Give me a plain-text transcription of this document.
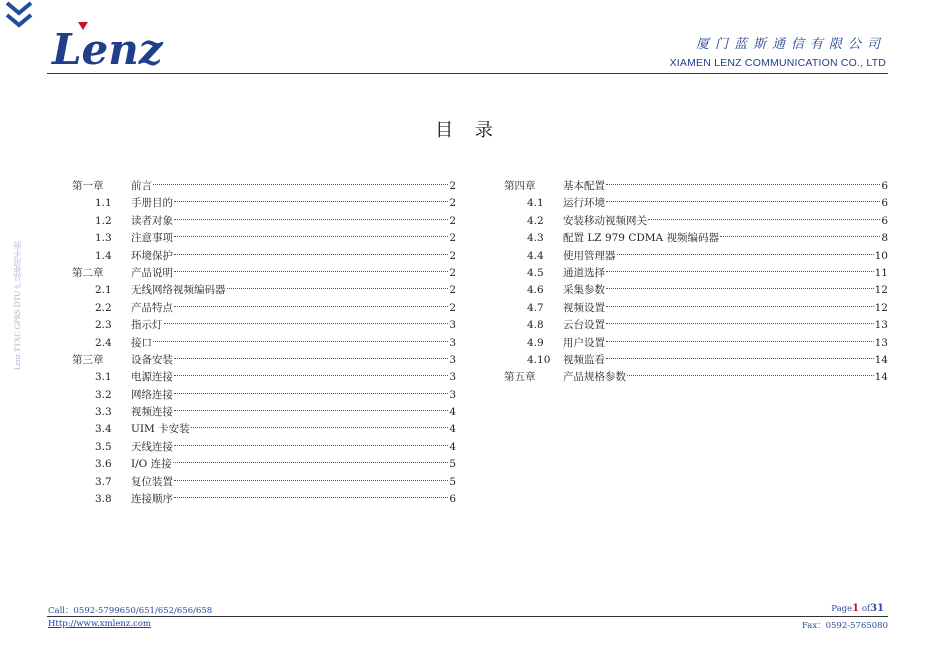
Lenz	厦门蓝斯通信有限公司
XIAMEN LENZ COMMUNICATION CO., LTD
Lenz TTXC GPRS DTU 产品使用手册
目 录
第一章	前言	2
1.1	手册目的	2
1.2	读者对象	2
1.3	注意事项	2
1.4	环境保护	2
第二章	产品说明	2
2.1	无线网络视频编码器	2
2.2	产品特点	2
2.3	指示灯	3
2.4	接口	3
第三章	设备安装	3
3.1	电源连接	3
3.2	网络连接	3
3.3	视频连接	4
3.4	UIM 卡安装	4
3.5	天线连接	4
3.6	I/O 连接	5
3.7	复位装置	5
3.8	连接顺序	6
第四章	基本配置	6
4.1	运行环境	6
4.2	安装移动视频网关	6
4.3	配置 LZ 979 CDMA 视频编码器	8
4.4	使用管理器	10
4.5	通道选择	11
4.6	采集参数	12
4.7	视频设置	12
4.8	云台设置	13
4.9	用户设置	13
4.10	视频监看	14
第五章	产品规格参数	14
Call：0592-5799650/651/652/656/658	Page1 of31
Http://www.xmlenz.com	Fax：0592-5765080
